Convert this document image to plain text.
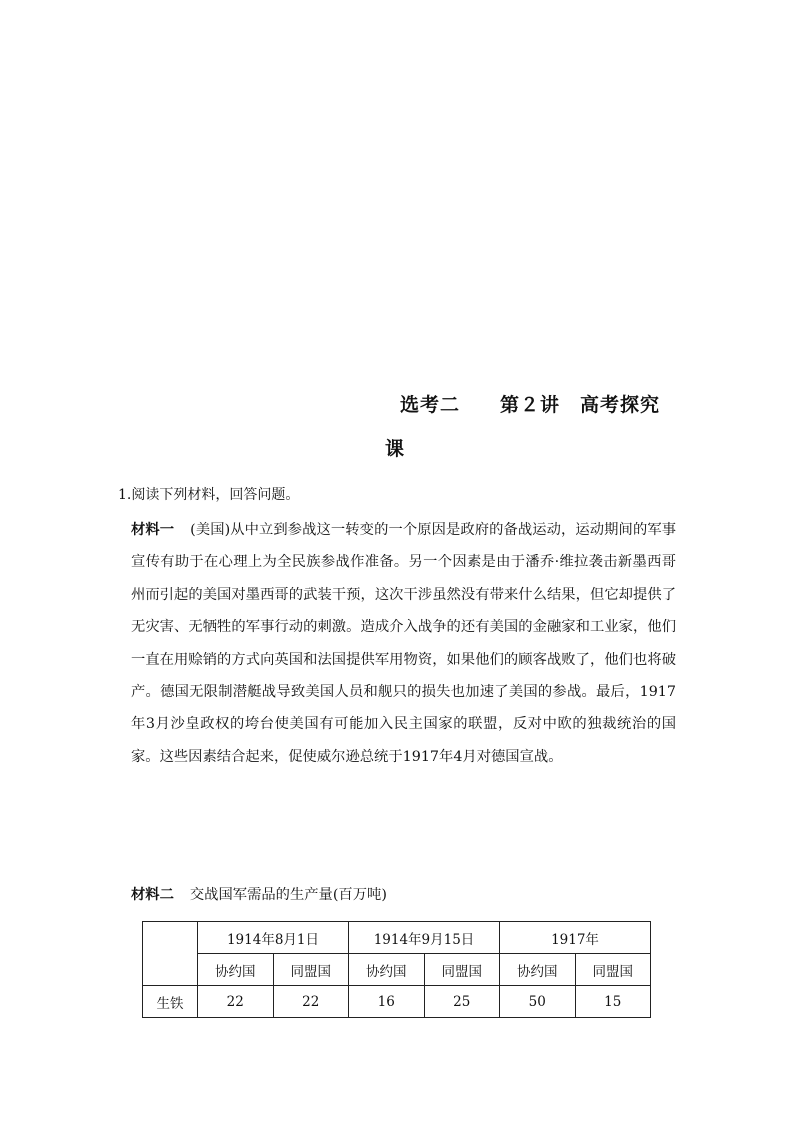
选考二　　第２讲　高考探究
课
1.阅读下列材料，回答问题。
材料一 (美国)从中立到参战这一转变的一个原因是政府的备战运动，运动期间的军事宣传有助于在心理上为全民族参战作准备。另一个因素是由于潘乔·维拉袭击新墨西哥州而引起的美国对墨西哥的武装干预，这次干涉虽然没有带来什么结果，但它却提供了无灾害、无牺牲的军事行动的刺激。造成介入战争的还有美国的金融家和工业家，他们一直在用赊销的方式向英国和法国提供军用物资，如果他们的顾客战败了，他们也将破产。德国无限制潜艇战导致美国人员和舰只的损失也加速了美国的参战。最后，1917年3月沙皇政权的垮台使美国有可能加入民主国家的联盟，反对中欧的独裁统治的国家。这些因素结合起来，促使威尔逊总统于1917年4月对德国宣战。
材料二 交战国军需品的生产量(百万吨)
	1914年8月1日		1914年9月15日		1917年	
	协约国	同盟国	协约国	同盟国	协约国	同盟国
生铁	22	22	16	25	50	15
